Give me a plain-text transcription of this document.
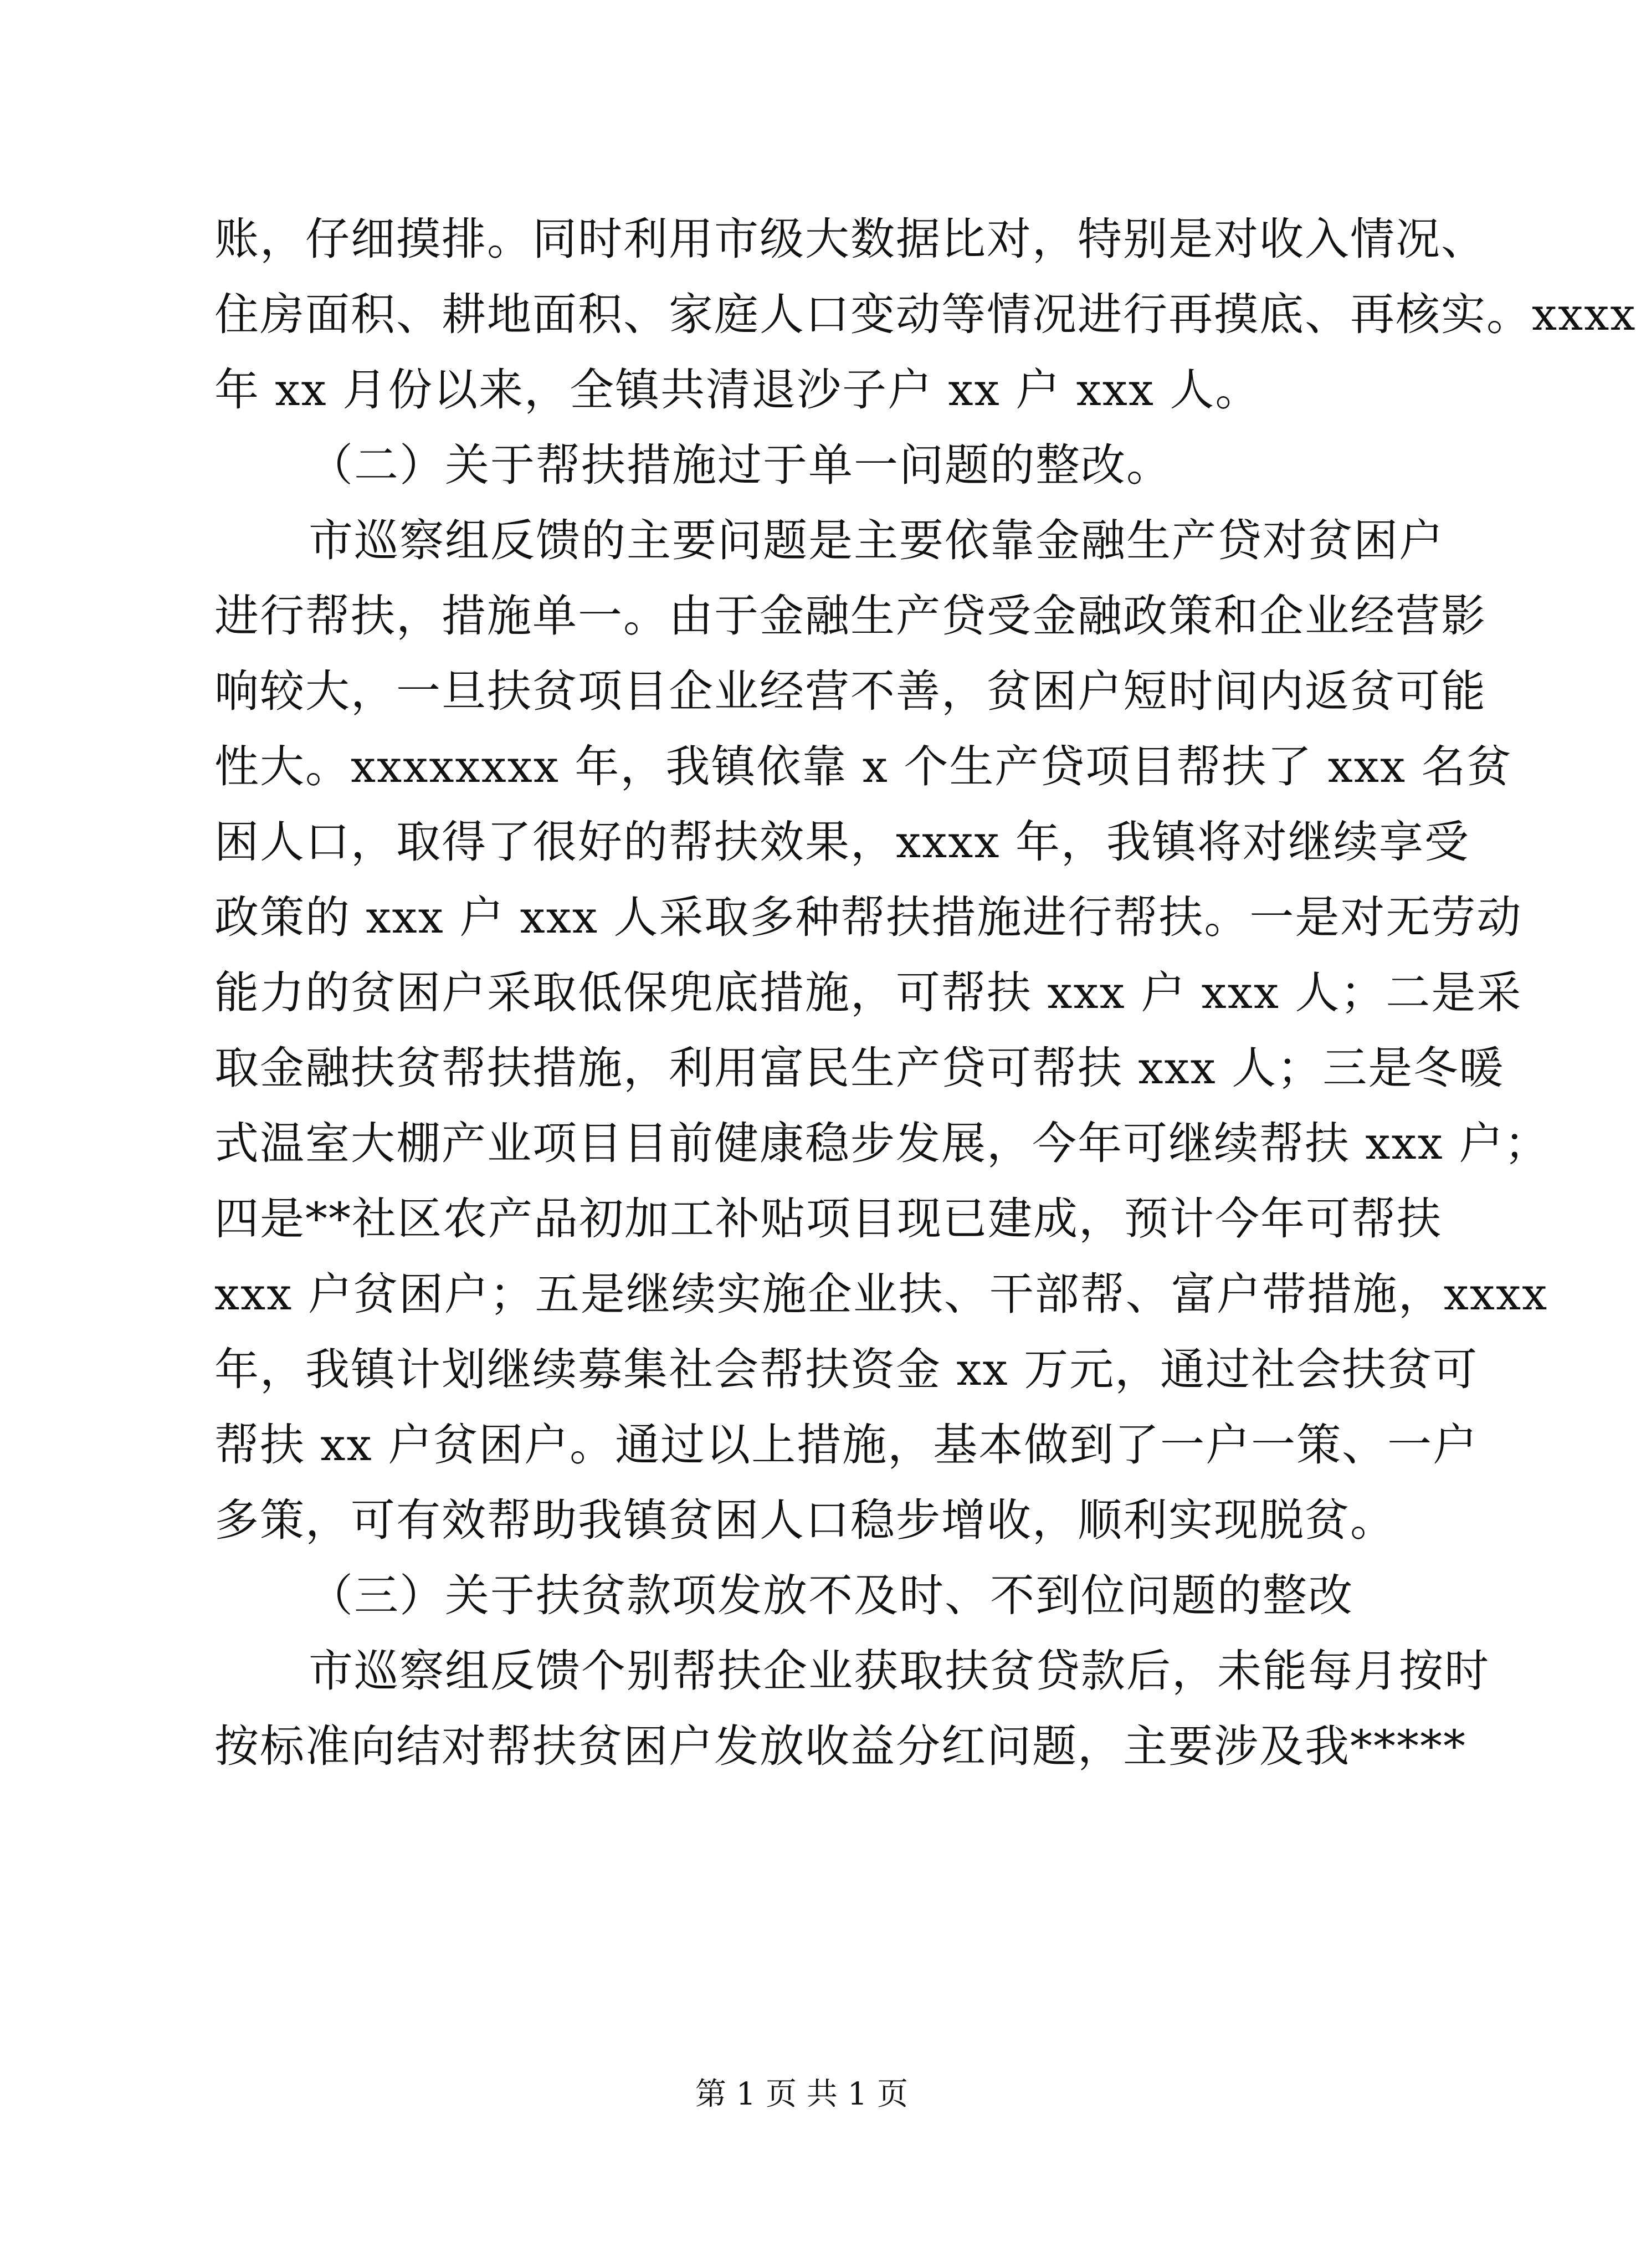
账，仔细摸排。同时利用市级大数据比对，特别是对收入情况、
住房面积、耕地面积、家庭人口变动等情况进行再摸底、再核实。xxxx
年 xx 月份以来，全镇共清退沙子户 xx 户 xxx 人。
（二）关于帮扶措施过于单一问题的整改。
市巡察组反馈的主要问题是主要依靠金融生产贷对贫困户
进行帮扶，措施单一。由于金融生产贷受金融政策和企业经营影
响较大，一旦扶贫项目企业经营不善，贫困户短时间内返贫可能
性大。xxxxxxxx 年，我镇依靠 x 个生产贷项目帮扶了 xxx 名贫
困人口，取得了很好的帮扶效果，xxxx 年，我镇将对继续享受
政策的 xxx 户 xxx 人采取多种帮扶措施进行帮扶。一是对无劳动
能力的贫困户采取低保兜底措施，可帮扶 xxx 户 xxx 人；二是采
取金融扶贫帮扶措施，利用富民生产贷可帮扶 xxx 人；三是冬暖
式温室大棚产业项目目前健康稳步发展，今年可继续帮扶 xxx 户；
四是**社区农产品初加工补贴项目现已建成，预计今年可帮扶
xxx 户贫困户；五是继续实施企业扶、干部帮、富户带措施，xxxx
年，我镇计划继续募集社会帮扶资金 xx 万元，通过社会扶贫可
帮扶 xx 户贫困户。通过以上措施，基本做到了一户一策、一户
多策，可有效帮助我镇贫困人口稳步增收，顺利实现脱贫。
（三）关于扶贫款项发放不及时、不到位问题的整改
市巡察组反馈个别帮扶企业获取扶贫贷款后，未能每月按时
按标准向结对帮扶贫困户发放收益分红问题，主要涉及我*****
第 1 页 共 1 页
